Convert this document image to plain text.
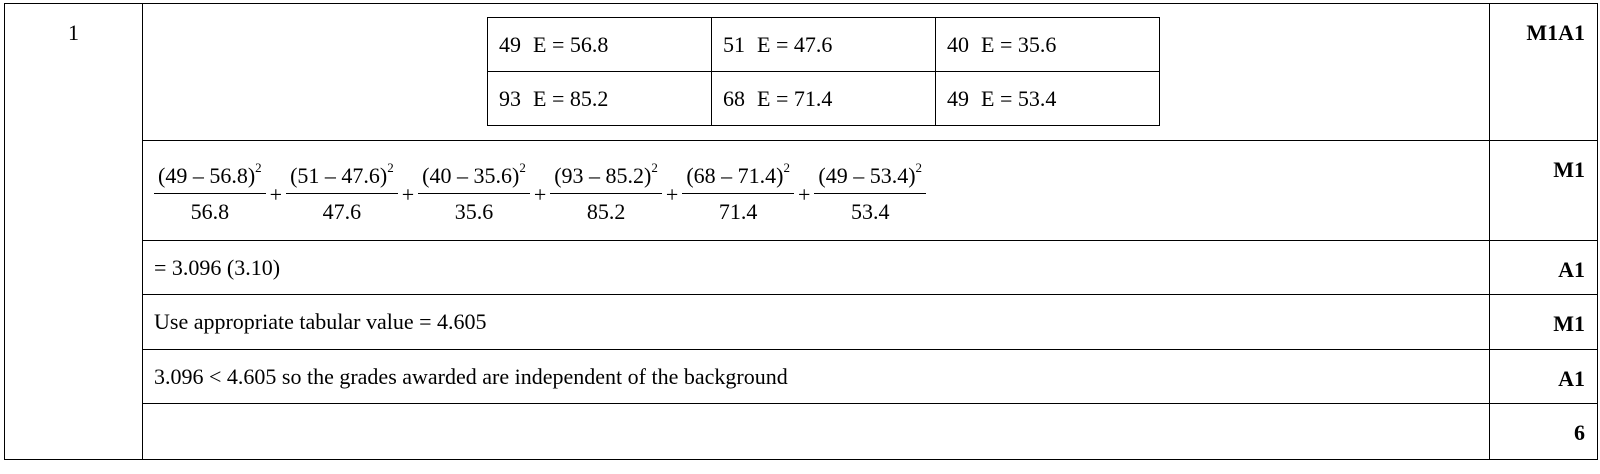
1		49 E = 56.8	51 E = 47.6	40 E = 35.6
93 E = 85.2	68 E = 71.4	49 E = 53.4
	M1A1

$\frac{(49 - 56.8)^2}{56.8} + \frac{(51 - 47.6)^2}{47.6} + \frac{(40 - 35.6)^2}{35.6} + \frac{(93 - 85.2)^2}{85.2} + \frac{(68 - 71.4)^2}{71.4} + \frac{(49 - 53.4)^2}{53.4}$	M1

= 3.096 (3.10)	A1

Use appropriate tabular value = 4.605	M1

3.096 < 4.605 so the grades awarded are independent of the background	A1
	6
